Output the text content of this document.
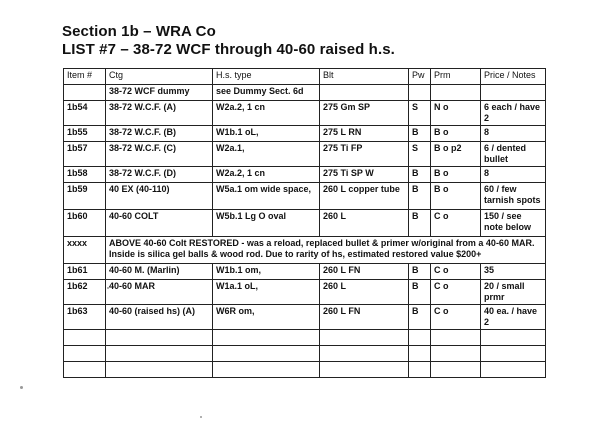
Section 1b – WRA Co
LIST #7 – 38-72 WCF through 40-60 raised h.s.
Item #	Ctg	H.s. type	Blt	Pw	Prm	Price / Notes
	38-72 WCF dummy	see Dummy Sect. 6d				
1b54	38-72 W.C.F. (A)	W2a.2, 1 cn	275 Gm SP	S	N o	6 each / have 2
1b55	38-72 W.C.F. (B)	W1b.1 oL,	275 L RN	B	B o	8
1b57	38-72 W.C.F. (C)	W2a.1,	275 Ti FP	S	B o p2	6 / dented bullet
1b58	38-72 W.C.F. (D)	W2a.2, 1 cn	275 Ti SP W	B	B o	8
1b59	40 EX (40-110)	W5a.1 om wide space,	260 L copper tube	B	B o	60 / few tarnish spots
1b60	40-60 COLT	W5b.1 Lg O oval	260 L	B	C o	150 / see note below
xxxx	ABOVE 40-60 Colt RESTORED - was a reload, replaced bullet & primer w/original from a 40-60 MAR. Inside is silica gel balls & wood rod. Due to rarity of hs, estimated restored value $200+					
1b61	40-60 M. (Marlin)	W1b.1 om,	260 L FN	B	C o	35
1b62	40-60 MAR	W1a.1 oL,	260 L	B	C o	20 / small prmr
1b63	40-60 (raised hs) (A)	W6R om,	260 L FN	B	C o	40 ea. / have 2
